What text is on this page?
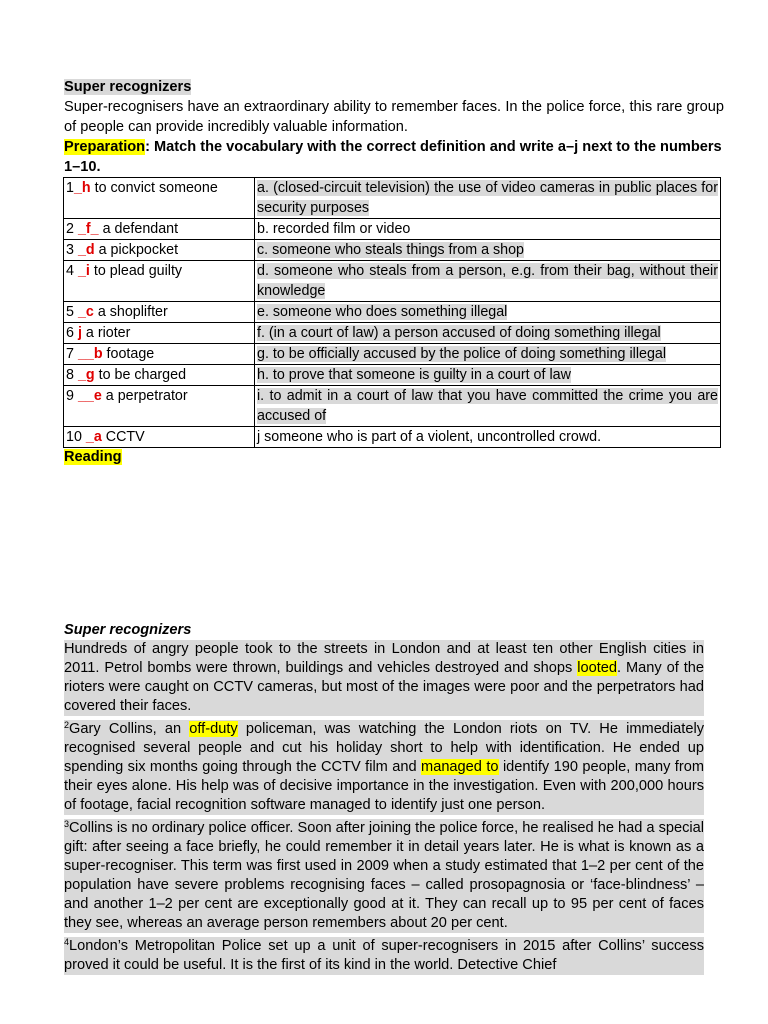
Super recognizers

Super-recognisers have an extraordinary ability to remember faces. In the police force, this rare group of people can provide incredibly valuable information.

Preparation: Match the vocabulary with the correct definition and write a–j next to the numbers 1–10.

1_h to convict someone	a. (closed-circuit television) the use of video cameras in public places for security purposes
2 _f_ a defendant	b. recorded film or video
3 _d a pickpocket	c. someone who steals things from a shop
4 _i to plead guilty	d. someone who steals from a person, e.g. from their bag, without their knowledge
5 _c a shoplifter	e. someone who does something illegal
6 j a rioter	f. (in a court of law) a person accused of doing something illegal
7 __b footage	g. to be officially accused by the police of doing something illegal
8 _g to be charged	h. to prove that someone is guilty in a court of law
9 __e a perpetrator	i. to admit in a court of law that you have committed the crime you are accused of
10 _a CCTV	j someone who is part of a violent, uncontrolled crowd.
Reading
Super recognizers

Hundreds of angry people took to the streets in London and at least ten other English cities in 2011. Petrol bombs were thrown, buildings and vehicles destroyed and shops looted. Many of the rioters were caught on CCTV cameras, but most of the images were poor and the perpetrators had covered their faces.

$^2$Gary Collins, an off-duty policeman, was watching the London riots on TV. He immediately recognised several people and cut his holiday short to help with identification. He ended up spending six months going through the CCTV film and managed to identify 190 people, many from their eyes alone. His help was of decisive importance in the investigation. Even with 200,000 hours of footage, facial recognition software managed to identify just one person.

$^3$Collins is no ordinary police officer. Soon after joining the police force, he realised he had a special gift: after seeing a face briefly, he could remember it in detail years later. He is what is known as a super-recogniser. This term was first used in 2009 when a study estimated that 1–2 per cent of the population have severe problems recognising faces – called prosopagnosia or ‘face-blindness’ – and another 1–2 per cent are exceptionally good at it. They can recall up to 95 per cent of faces they see, whereas an average person remembers about 20 per cent.

$^4$London’s Metropolitan Police set up a unit of super-recognisers in 2015 after Collins’ success proved it could be useful. It is the first of its kind in the world. Detective Chief
